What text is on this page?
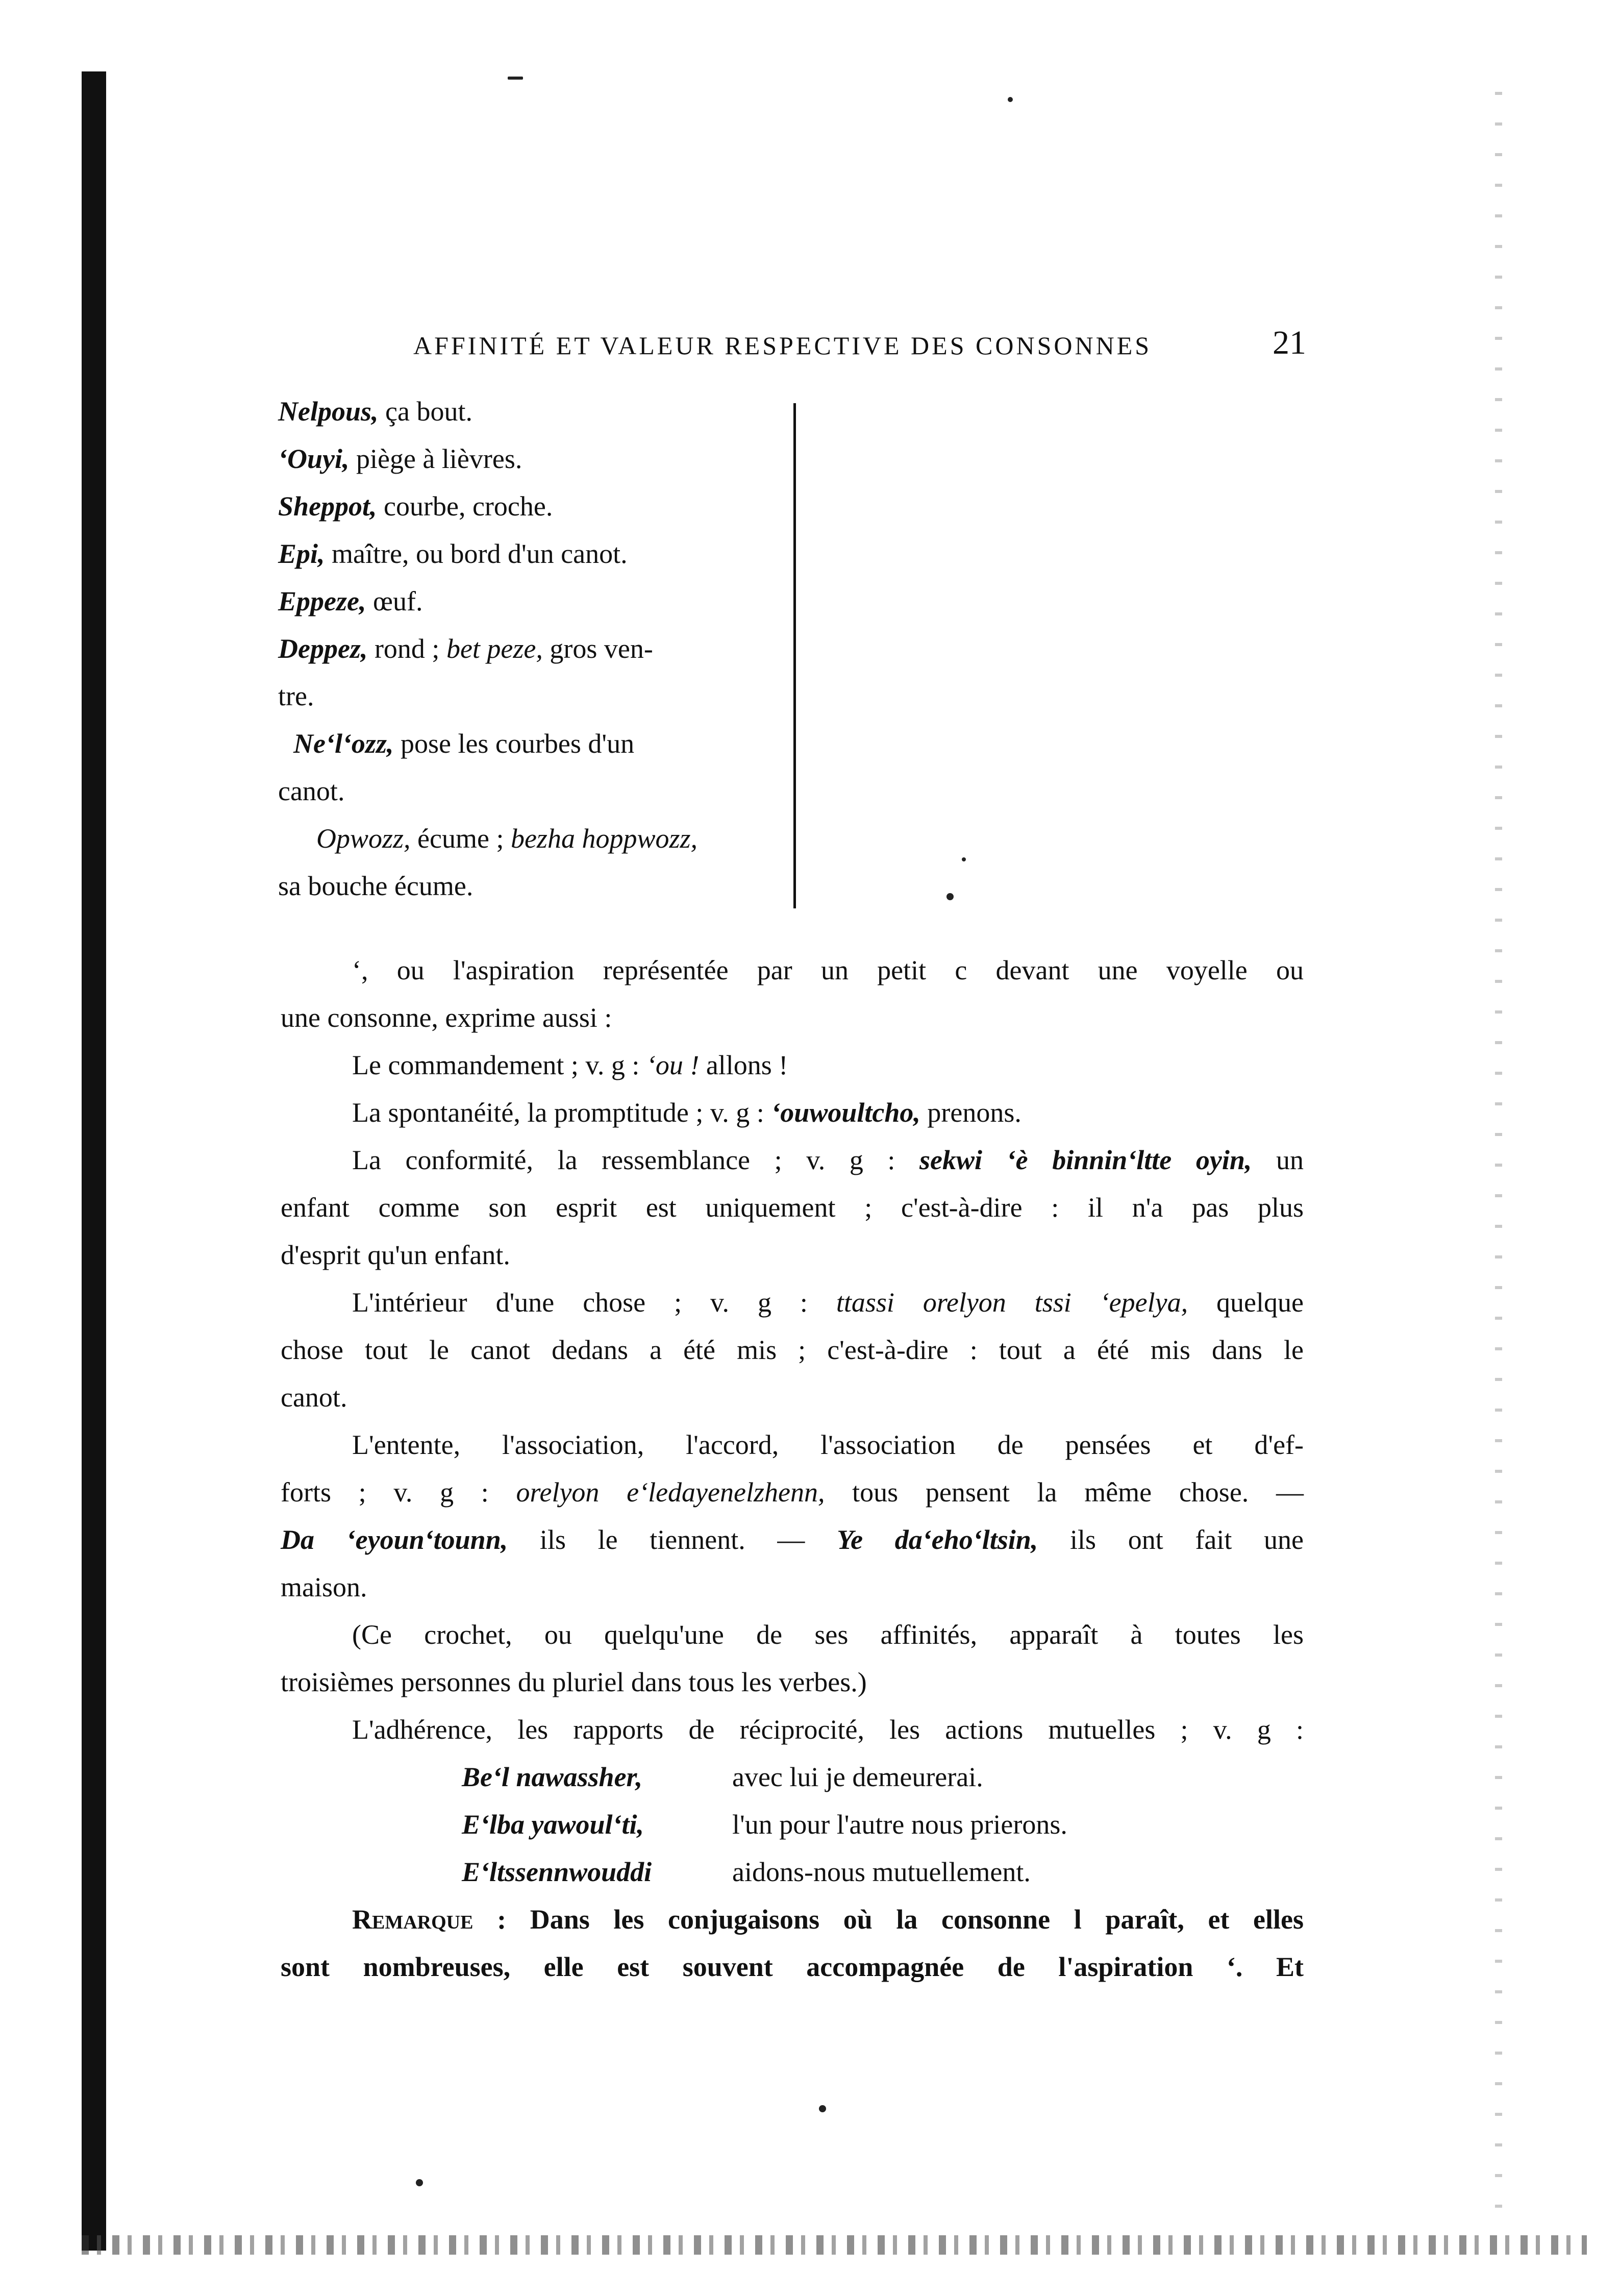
AFFINITÉ ET VALEUR RESPECTIVE DES CONSONNES	21
Nelpous, ça bout.
‘Ouyi, piège à lièvres.
Sheppot, courbe, croche.
Epi, maître, ou bord d'un canot.
Eppeze, œuf.
Deppez, rond ; bet peze, gros ven-
tre.
Ne‘l‘ozz, pose les courbes d'un
canot.
Opwozz, écume ; bezha hoppwozz,
sa bouche écume.
‘, ou l'aspiration représentée par un petit c devant une voyelle ou
une consonne, exprime aussi :
Le commandement ; v. g : ‘ou ! allons !
La spontanéité, la promptitude ; v. g : ‘ouwoultcho, prenons.
La conformité, la ressemblance ; v. g : sekwi ‘è binnin‘ltte oyin, un
enfant comme son esprit est uniquement ; c'est-à-dire : il n'a pas plus
d'esprit qu'un enfant.
L'intérieur d'une chose ; v. g : ttassi orelyon tssi ‘epelya, quelque
chose tout le canot dedans a été mis ; c'est-à-dire : tout a été mis dans le
canot.
L'entente, l'association, l'accord, l'association de pensées et d'ef-
forts ; v. g : orelyon e‘ledayenelzhenn, tous pensent la même chose. —
Da ‘eyoun‘tounn, ils le tiennent. — Ye da‘eho‘ltsin, ils ont fait une
maison.
(Ce crochet, ou quelqu'une de ses affinités, apparaît à toutes les
troisièmes personnes du pluriel dans tous les verbes.)
L'adhérence, les rapports de réciprocité, les actions mutuelles ; v. g :
Be‘l nawassher,	avec lui je demeurerai.
E‘lba yawoul‘ti,	l'un pour l'autre nous prierons.
E‘ltssennwouddi	aidons-nous mutuellement.
Remarque : Dans les conjugaisons où la consonne l paraît, et elles
sont nombreuses, elle est souvent accompagnée de l'aspiration ‘. Et
